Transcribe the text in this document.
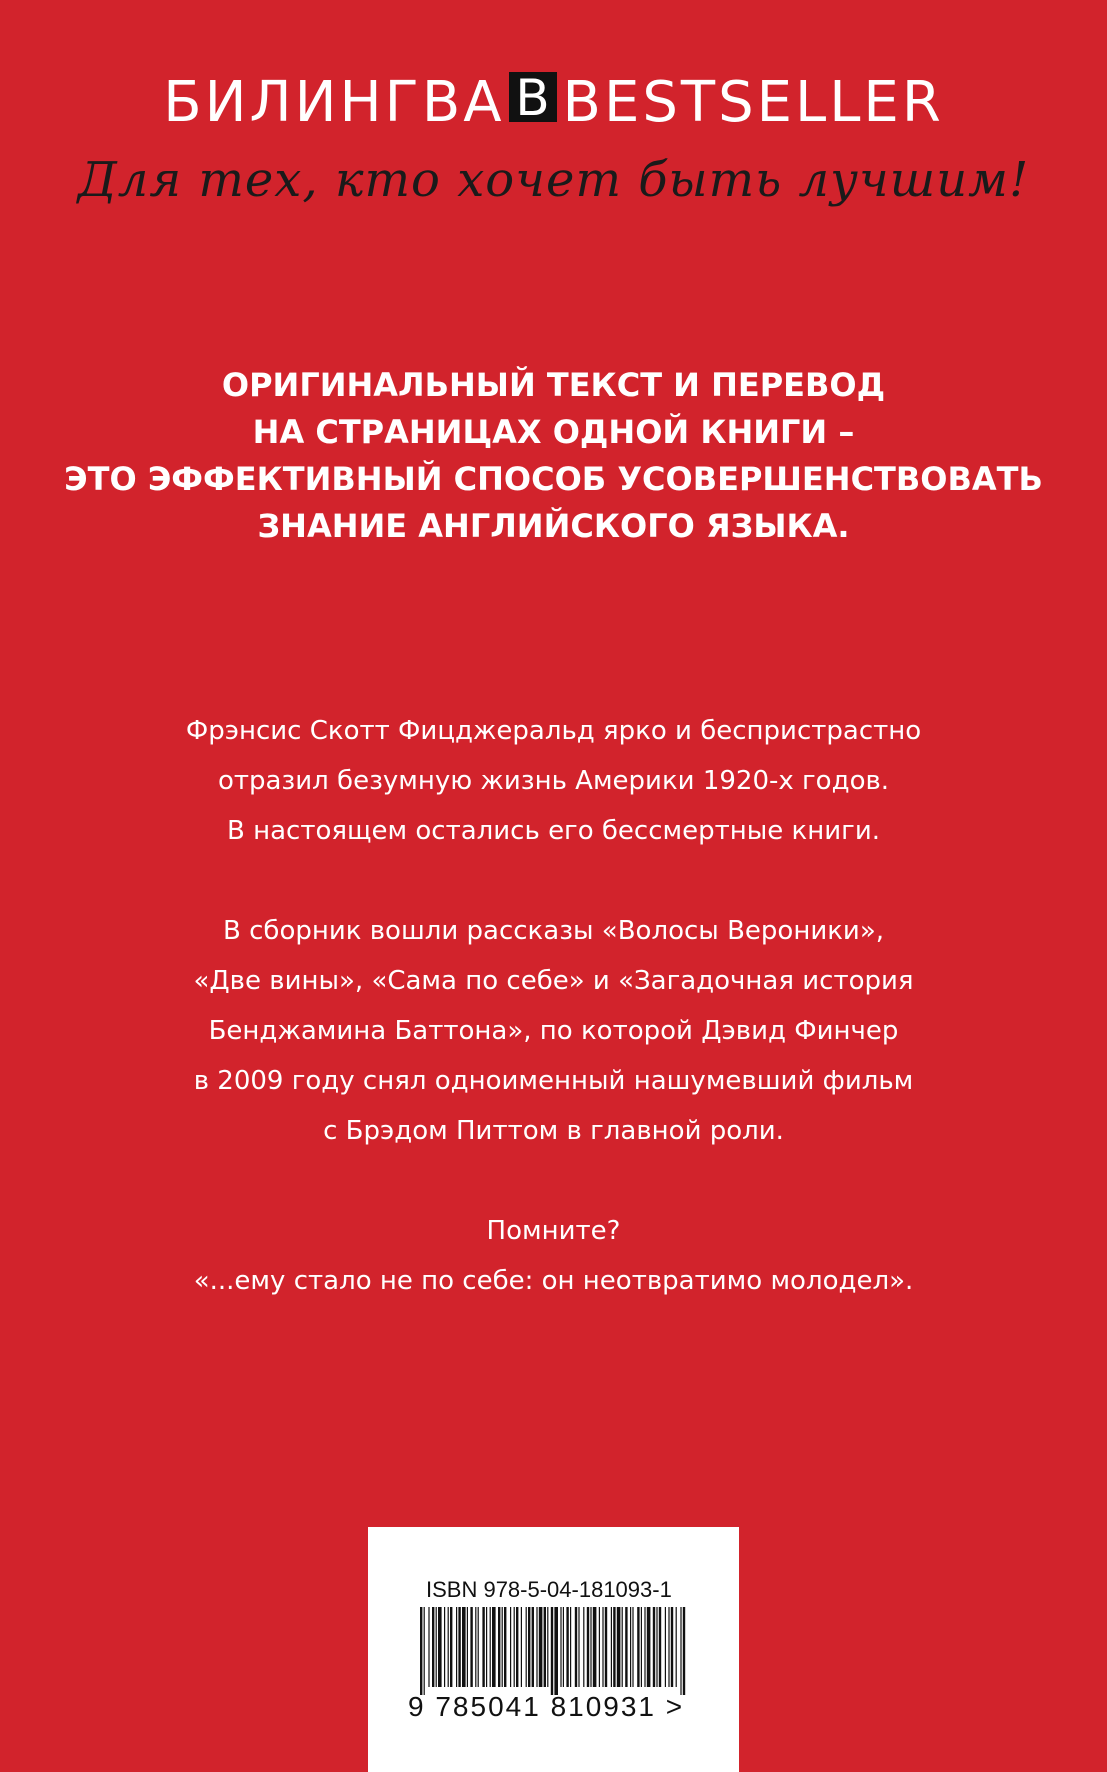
БИЛИНГВА B BESTSELLER
Для тех, кто хочет быть лучшим!
ОРИГИНАЛЬНЫЙ ТЕКСТ И ПЕРЕВОД
НА СТРАНИЦАХ ОДНОЙ КНИГИ –
ЭТО ЭФФЕКТИВНЫЙ СПОСОБ УСОВЕРШЕНСТВОВАТЬ
ЗНАНИЕ АНГЛИЙСКОГО ЯЗЫКА.
Фрэнсис Скотт Фицджеральд ярко и беспристрастно
отразил безумную жизнь Америки 1920-х годов.
В настоящем остались его бессмертные книги.
В сборник вошли рассказы «Волосы Вероники»,
«Две вины», «Сама по себе» и «Загадочная история
Бенджамина Баттона», по которой Дэвид Финчер
в 2009 году снял одноименный нашумевший фильм
с Брэдом Питтом в главной роли.
Помните?
«...ему стало не по себе: он неотвратимо молодел».
ISBN 978-5-04-181093-1
9 785041 810931 >
